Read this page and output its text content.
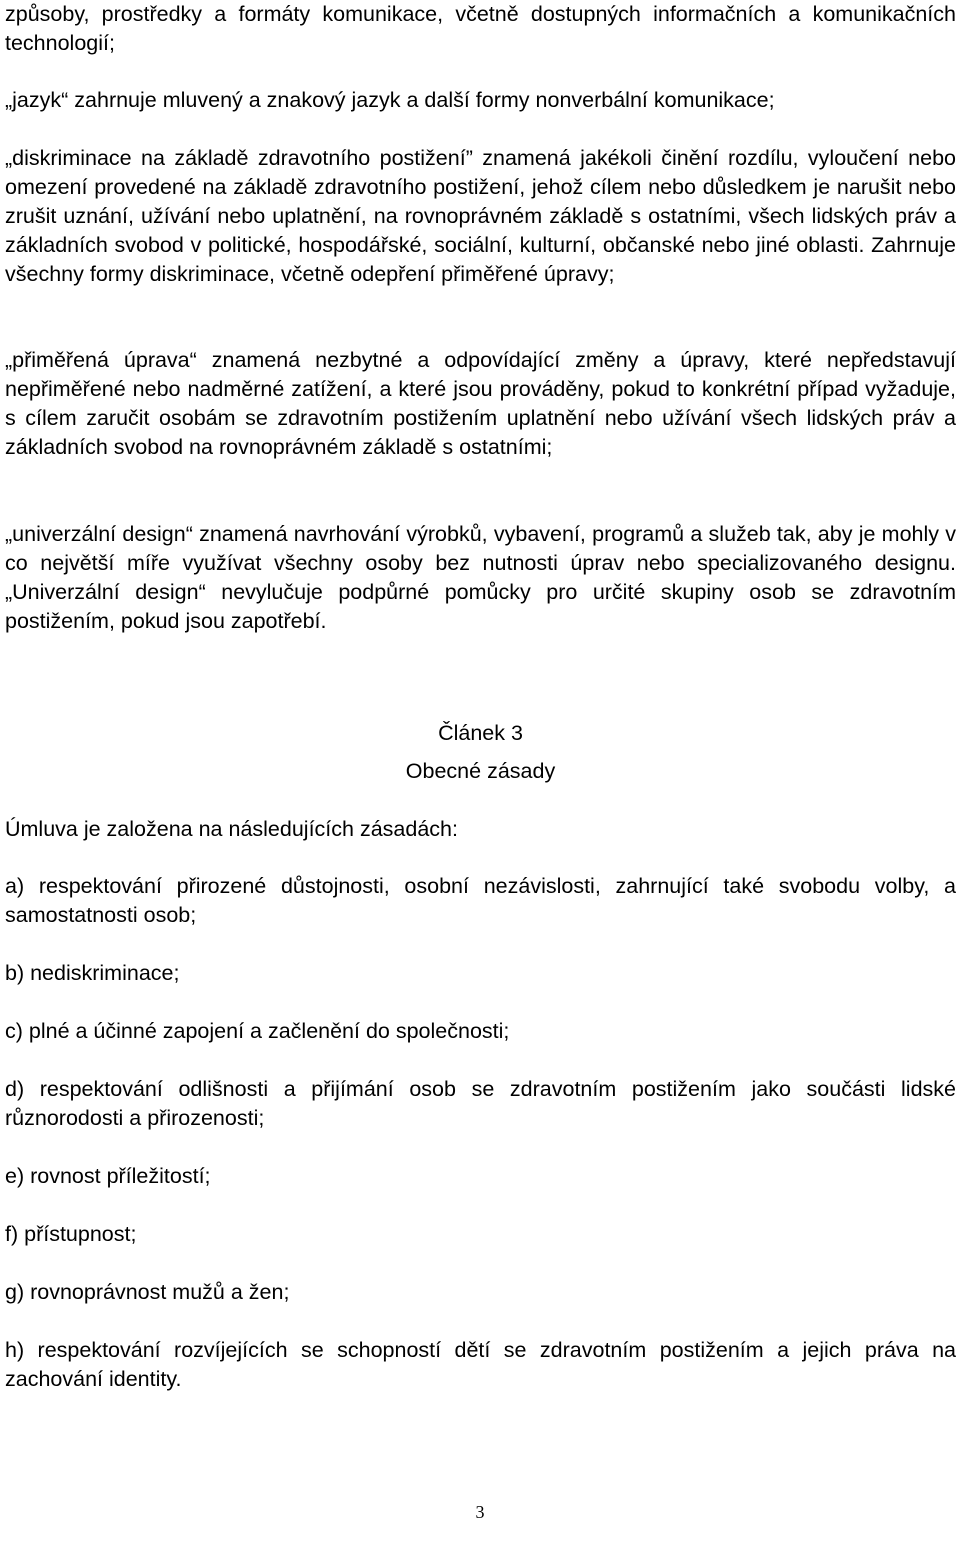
způsoby, prostředky a formáty komunikace, včetně dostupných informačních a komunikačních technologií;

„jazyk“ zahrnuje mluvený a znakový jazyk a další formy nonverbální komunikace;

„diskriminace na základě zdravotního postižení” znamená jakékoli činění rozdílu, vyloučení nebo omezení provedené na základě zdravotního postižení, jehož cílem nebo důsledkem je narušit nebo zrušit uznání, užívání nebo uplatnění, na rovnoprávném základě s ostatními, všech lidských práv a základních svobod v politické, hospodářské, sociální, kulturní, občanské nebo jiné oblasti. Zahrnuje všechny formy diskriminace, včetně odepření přiměřené úpravy;

„přiměřená úprava“ znamená nezbytné a odpovídající změny a úpravy, které nepředstavují nepřiměřené nebo nadměrné zatížení, a které jsou prováděny, pokud to konkrétní případ vyžaduje, s cílem zaručit osobám se zdravotním postižením uplatnění nebo užívání všech lidských práv a základních svobod na rovnoprávném základě s ostatními;

„univerzální design“ znamená navrhování výrobků, vybavení, programů a služeb tak, aby je mohly v co největší míře využívat všechny osoby bez nutnosti úprav nebo specializovaného designu. „Univerzální design“ nevylučuje podpůrné pomůcky pro určité skupiny osob se zdravotním postižením, pokud jsou zapotřebí.

Článek 3
Obecné zásady

Úmluva je založena na následujících zásadách:

a) respektování přirozené důstojnosti, osobní nezávislosti, zahrnující také svobodu volby, a samostatnosti osob;

b) nediskriminace;

c) plné a účinné zapojení a začlenění do společnosti;

d) respektování odlišnosti a přijímání osob se zdravotním postižením jako součásti lidské různorodosti a přirozenosti;

e) rovnost příležitostí;

f) přístupnost;

g) rovnoprávnost mužů a žen;

h) respektování rozvíjejících se schopností dětí se zdravotním postižením a jejich práva na zachování identity.

3
